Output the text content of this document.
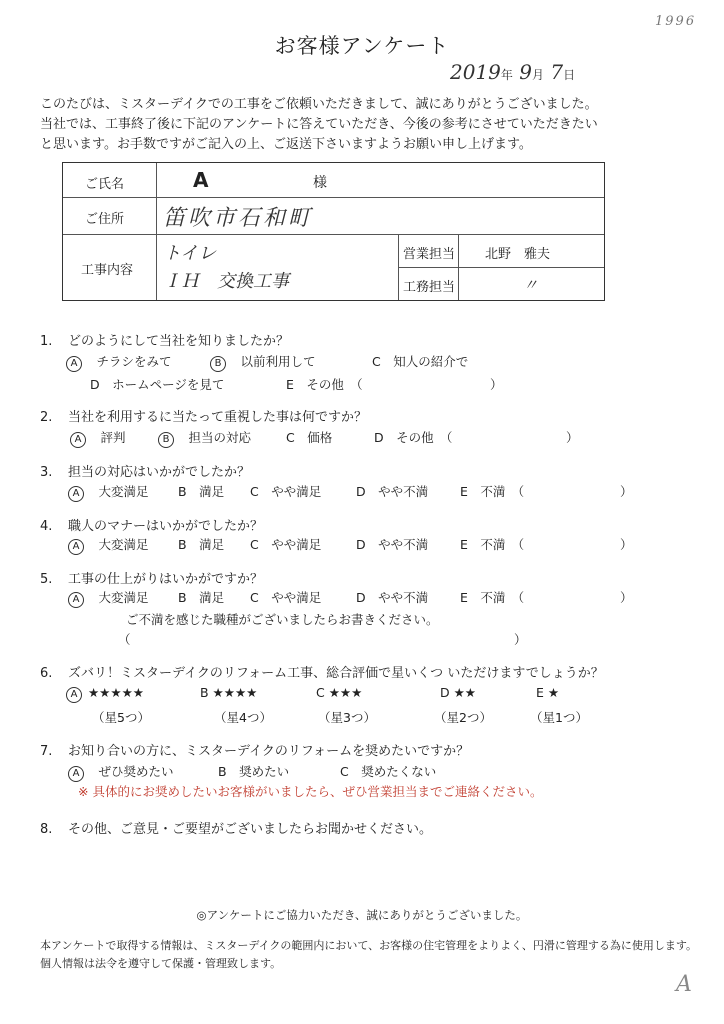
1996
お客様アンケート
2019年 9月 7日

このたびは、ミスターデイクでの工事をご依頼いただきまして、誠にありがとうございました。

当社では、工事終了後に下記のアンケートに答えていただき、今後の参考にさせていただきたい

と思います。お手数ですがご記入の上、ご返送下さいますようお願い申し上げます。

ご氏名	A	様
ご住所 笛吹市石和町
工事内容
トイレ
ＩＨ　交換工事
営業担当 北野　雅夫
工務担当	〃
1. どのようにして当社を知りましたか？
A　チラシをみて	B　以前利用して	C　知人の紹介で
D　ホームページを見て	E　その他　（	）
2. 当社を利用するに当たって重視した事は何ですか？
A　評判	B　担当の対応	C　価格	D　その他　（	）
3. 担当の対応はいかがでしたか？
A　大変満足 B　満足 C　やや満足	D　やや不満	E　不満　（	）
4. 職人のマナーはいかがでしたか？
A　大変満足 B　満足 C　やや満足	D　やや不満	E　不満　（	）
5. 工事の仕上がりはいかがですか？
A　大変満足 B　満足 C　やや満足	D　やや不満	E　不満　（	）
ご不満を感じた職種がございましたらお書きください。
（	）
6. ズバリ！ミスターデイクのリフォーム工事、総合評価で星いくつ いただけますでしょうか？
A ★★★★★	B ★★★★	C ★★★	D ★★	E ★
（星5つ）	（星4つ）	（星3つ）	（星2つ）	（星1つ）
7. お知り合いの方に、ミスターデイクのリフォームを奨めたいですか？
A　ぜひ奨めたい	B　奨めたい	C　奨めたくない
※ 具体的にお奨めしたいお客様がいましたら、ぜひ営業担当までご連絡ください。
8. その他、ご意見・ご要望がございましたらお聞かせください。
◎アンケートにご協力いただき、誠にありがとうございました。

本アンケートで取得する情報は、ミスターデイクの範囲内において、お客様の住宅管理をよりよく、円滑に管理する為に使用します。

個人情報は法令を遵守して保護・管理致します。

A
